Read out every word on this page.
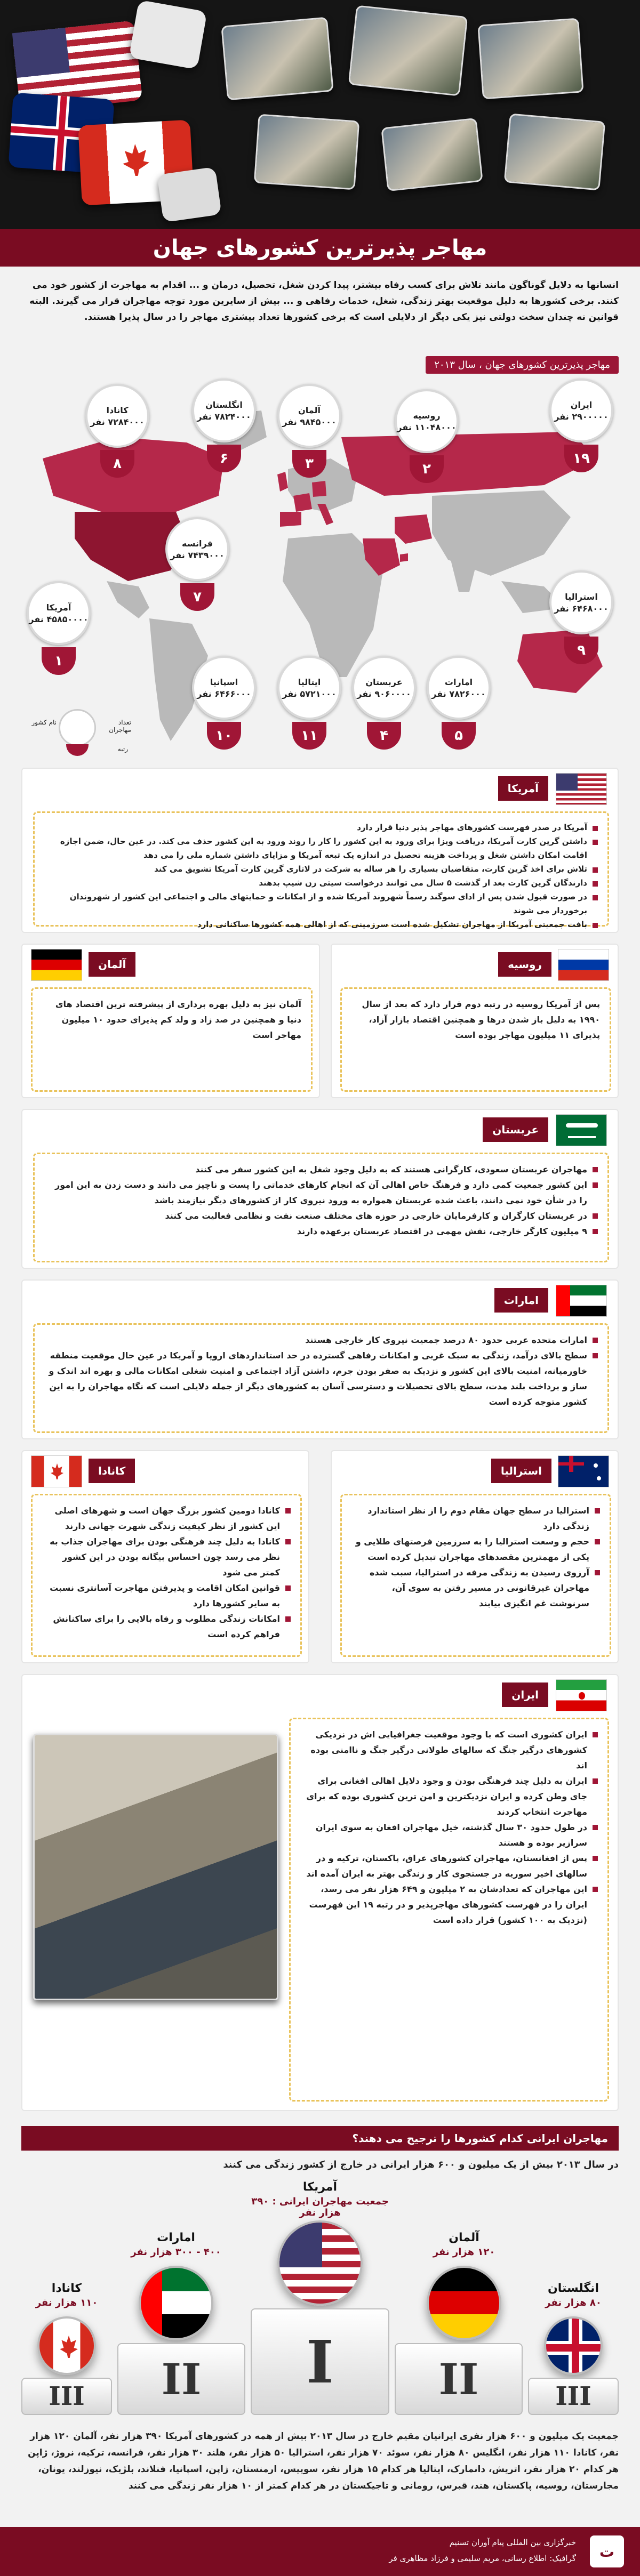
مهاجر پذیرترین کشورهای جهان

انسانها به دلایل گوناگون مانند تلاش برای کسب رفاه بیشتر، پیدا کردن شغل، تحصیل، درمان و ... اقدام به مهاجرت از کشور خود می کنند. برخی کشورها به دلیل موقعیت بهتر زندگی، شغل، خدمات رفاهی و ... بیش از سایرین مورد توجه مهاجران قرار می گیرند. البته قوانین نه چندان سخت دولتی نیز یکی دیگر از دلایلی است که برخی کشورها تعداد بیشتری مهاجر را در سال پذیرا هستند.

مهاجر پذیرترین کشورهای جهان ، سال ۲۰۱۳
ایران
۲۹۰۰۰۰۰ نفر
۱۹
روسیه
۱۱۰۴۸۰۰۰ نفر
۲
آلمان
۹۸۴۵۰۰۰ نفر
۳
انگلستان
۷۸۲۴۰۰۰ نفر
۶
کانادا
۷۲۸۴۰۰۰ نفر
۸
فرانسه
۷۴۳۹۰۰۰ نفر
۷
آمریکا
۴۵۸۵۰۰۰۰ نفر
۱
استرالیا
۶۴۶۸۰۰۰ نفر
۹
اسپانیا
۶۴۶۶۰۰۰ نفر
۱۰
ایتالیا
۵۷۲۱۰۰۰ نفر
۱۱
عربستان
۹۰۶۰۰۰۰ نفر
۴
امارات
۷۸۲۶۰۰۰ نفر
۵
نام کشور	تعداد مهاجران
رتبه
آمریکا
آمریکا در صدر فهرست کشورهای مهاجر پذیر دنیا قرار دارد
داشتن گرین کارت آمریکا، دریافت ویزا برای ورود به این کشور را کار را روند ورود به این کشور حذف می کند. در عین حال، ضمن اجازه اقامت امکان داشتن شغل و پرداخت هزینه تحصیل در اندازه یک تبعه آمریکا و مزایای داشتن شماره ملی را می دهد
تلاش برای اخذ گرین کارت، متقاضیان بسیاری را هر ساله به شرکت در لاتاری گرین کارت آمریکا تشویق می کند
دارندگان گرین کارت بعد از گذشت ۵ سال می توانند درخواست سیتی زن شیپ بدهند
در صورت قبول شدن پس از ادای سوگند رسماً شهروند آمریکا شده و از امکانات و حمایتهای مالی و اجتماعی این کشور از شهروندان برخوردار می شوند
بافت جمعیتی آمریکا از مهاجران تشکیل شده است سرزمینی که از اهالی همه کشورها ساکنانی دارد
روسیه

پس از آمریکا روسیه در رتبه دوم قرار دارد که بعد از سال ۱۹۹۰ به دلیل باز شدن درها و همچنین اقتصاد بازار آزاد، پذیرای ۱۱ میلیون مهاجر بوده است

آلمان

آلمان نیز به دلیل بهره برداری از پیشرفته ترین اقتصاد های دنیا و همچنین در صد زاد و ولد کم پذیرای حدود ۱۰ میلیون مهاجر است

عربستان
مهاجران عربستان سعودی، کارگرانی هستند که به دلیل وجود شغل به این کشور سفر می کنند
این کشور جمعیت کمی دارد و فرهنگ خاص اهالی آن که انجام کارهای خدماتی را پست و ناچیز می دانند و دست زدن به این امور را در شأن خود نمی دانند، باعث شده عربستان همواره به ورود نیروی کار از کشورهای دیگر نیازمند باشد
در عربستان کارگران و کارفرمایان خارجی در حوزه های مختلف صنعت نفت و نظامی فعالیت می کنند
۹ میلیون کارگر خارجی، نقش مهمی در اقتصاد عربستان برعهده دارند
امارات
امارات متحده عربی حدود ۸۰ درصد جمعیت نیروی کار خارجی هستند
سطح بالای درآمد، زندگی به سبک غربی و امکانات رفاهی گسترده در حد استانداردهای اروپا و آمریکا در عین حال موقعیت منطقه خاورمیانه، امنیت بالای این کشور و نزدیک به صفر بودن جرم، داشتن آزاد اجتماعی و امنیت شغلی امکانات مالی و بهره اند اندک و ساز و برداخت بلند مدت، سطح بالای تحصیلات و دسترسی آسان به کشورهای دیگر از جمله دلایلی است که نگاه مهاجران را به این کشور متوجه کرده است
کانادا
کانادا دومین کشور بزرگ جهان است و شهرهای اصلی این کشور از نظر کیفیت زندگی شهرت جهانی دارند
کانادا به دلیل چند فرهنگی بودن برای مهاجران جذاب به نظر می رسد چون احساس بیگانه بودن در این کشور کمتر می شود
قوانین امکان اقامت و پذیرفتن مهاجرت آسانتری نسبت به سایر کشورها دارد
امکانات زندگی مطلوب و رفاه بالایی را برای ساکنانش فراهم کرده است
استرالیا
استرالیا در سطح جهان مقام دوم را از نظر استاندارد زندگی دارد
حجم و وسعت استرالیا را به سرزمین فرصتهای طلایی و یکی از مهمترین مقصدهای مهاجران تبدیل کرده است
آرزوی رسیدن به زندگی مرفه در استرالیا، سبب شده مهاجران غیرقانونی در مسیر رفتن به سوی آن، سرنوشت غم انگیزی بیابند
ایران
ایران کشوری است که با وجود موقعیت جغرافیایی اش در نزدیکی کشورهای درگیر جنگ که سالهای طولانی درگیر جنگ و ناامنی بوده اند
ایران به دلیل چند فرهنگی بودن و وجود دلایل اهالی افغانی برای جای وطن کرده و ایران نزدیکترین و امن ترین کشوری بوده که برای مهاجرت انتخاب کردند
در طول حدود ۳۰ سال گذشته، خیل مهاجران افغان به سوی ایران سرازیر بوده و هستند
پس از افغانستان، مهاجران کشورهای عراق، پاکستان، ترکیه و در سالهای اخیر سوریه در جستجوی کار و زندگی بهتر به ایران آمده اند
این مهاجران که تعدادشان به ۲ میلیون و ۶۴۹ هزار نفر می رسد، ایران را در فهرست کشورهای مهاجرپذیر و در رتبه ۱۹ این فهرست (نزدیک به ۱۰۰ کشور) قرار داده است
مهاجران ایرانی کدام کشورها را ترجیح می دهند؟
در سال ۲۰۱۳ بیش از یک میلیون و ۶۰۰ هزار ایرانی در خارج از کشور زندگی می کنند
آمریکا
جمعیت مهاجران ایرانی : ۳۹۰ هزار نفر
I
آلمان
۱۲۰ هزار نفر
II
امارات
۴۰۰ - ۳۰۰ هزار نفر
II
کانادا
۱۱۰ هزار نفر
III
انگلستان
۸۰ هزار نفر
III

جمعیت یک میلیون و ۶۰۰ هزار نفری ایرانیان مقیم خارج در سال ۲۰۱۳ بیش از همه در کشورهای آمریکا ۳۹۰ هزار نفر، آلمان ۱۲۰ هزار نفر، کانادا ۱۱۰ هزار نفر، انگلیس ۸۰ هزار نفر، سوئد ۷۰ هزار نفر، استرالیا ۵۰ هزار نفر، هلند ۳۰ هزار نفر، فرانسه، ترکیه، نروژ، ژاپن هر کدام ۲۰ هزار نفر، اتریش، دانمارک، ایتالیا هر کدام ۱۵ هزار نفر، سوییس، ارمنستان، ژاپن، اسپانیا، فنلاند، بلژیک، نیوزلند، یونان، مجارستان، روسیه، پاکستان، هند، قبرس، رومانی و تاجیکستان در هر کدام کمتر از ۱۰ هزار نفر زندگی می کنند

ت
خبرگزاری بین المللی پیام آوران تسنیم
گرافیک: اطلاع رسانی، مریم سلیمی و فرزاد مظاهری فر
